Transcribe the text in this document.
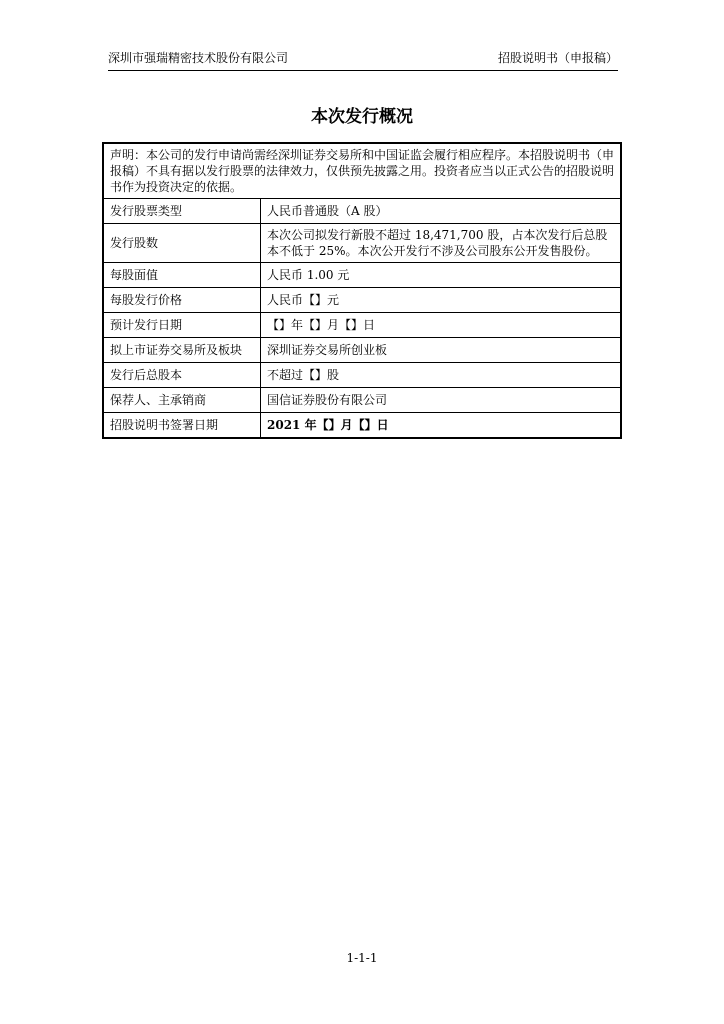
深圳市强瑞精密技术股份有限公司	招股说明书（申报稿）
本次发行概况
声明：本公司的发行申请尚需经深圳证券交易所和中国证监会履行相应程序。本招股说明书（申报稿）不具有据以发行股票的法律效力，仅供预先披露之用。投资者应当以正式公告的招股说明书作为投资决定的依据。	
发行股票类型	人民币普通股（A 股）
发行股数	本次公司拟发行新股不超过 18,471,700 股，占本次发行后总股本不低于 25%。本次公开发行不涉及公司股东公开发售股份。
每股面值	人民币 1.00 元
每股发行价格	人民币【】元
预计发行日期	【】年【】月【】日
拟上市证券交易所及板块	深圳证券交易所创业板
发行后总股本	不超过【】股
保荐人、主承销商	国信证券股份有限公司
招股说明书签署日期	2021 年【】月【】日
1-1-1
